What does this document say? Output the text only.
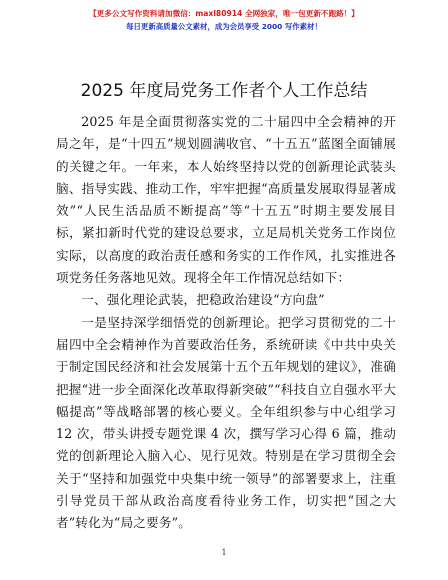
【更多公文写作资料请加微信：maxl80914 全网独家，唯一包更新不跑路！】
每日更新高质量公文素材，成为会员享受 2000 写作素材！
2025 年度局党务工作者个人工作总结

2025 年是全面贯彻落实党的二十届四中全会精神的开局之年，是“十四五”规划圆满收官、“十五五”蓝图全面铺展的关键之年。一年来，本人始终坚持以党的创新理论武装头脑、指导实践、推动工作，牢牢把握“高质量发展取得显著成效”“人民生活品质不断提高”等“十五五”时期主要发展目标，紧扣新时代党的建设总要求，立足局机关党务工作岗位实际，以高度的政治责任感和务实的工作作风，扎实推进各项党务任务落地见效。现将全年工作情况总结如下：

一、强化理论武装，把稳政治建设“方向盘”

一是坚持深学细悟党的创新理论。把学习贯彻党的二十届四中全会精神作为首要政治任务，系统研读《中共中央关于制定国民经济和社会发展第十五个五年规划的建议》，准确把握“进一步全面深化改革取得新突破”“科技自立自强水平大幅提高”等战略部署的核心要义。全年组织参与中心组学习 12 次，带头讲授专题党课 4 次，撰写学习心得 6 篇，推动党的创新理论入脑入心、见行见效。特别是在学习贯彻全会关于“坚持和加强党中央集中统一领导”的部署要求上，注重引导党员干部从政治高度看待业务工作，切实把“国之大者”转化为“局之要务”。

1
